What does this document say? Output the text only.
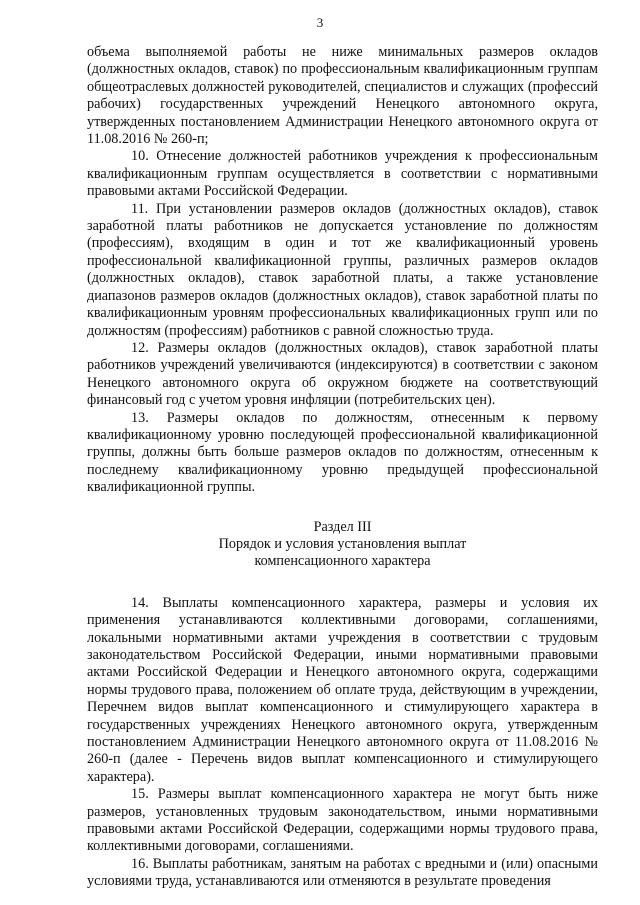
3

объема выполняемой работы не ниже минимальных размеров окладов (должностных окладов, ставок) по профессиональным квалификационным группам общеотраслевых должностей руководителей, специалистов и служащих (профессий рабочих) государственных учреждений Ненецкого автономного округа, утвержденных постановлением Администрации Ненецкого автономного округа от 11.08.2016 № 260-п;

10. Отнесение должностей работников учреждения к профессиональным квалификационным группам осуществляется в соответствии с нормативными правовыми актами Российской Федерации.

11. При установлении размеров окладов (должностных окладов), ставок заработной платы работников не допускается установление по должностям (профессиям), входящим в один и тот же квалификационный уровень профессиональной квалификационной группы, различных размеров окладов (должностных окладов), ставок заработной платы, а также установление диапазонов размеров окладов (должностных окладов), ставок заработной платы по квалификационным уровням профессиональных квалификационных групп или по должностям (профессиям) работников с равной сложностью труда.

12. Размеры окладов (должностных окладов), ставок заработной платы работников учреждений увеличиваются (индексируются) в соответствии с законом Ненецкого автономного округа об окружном бюджете на соответствующий финансовый год с учетом уровня инфляции (потребительских цен).

13. Размеры окладов по должностям, отнесенным к первому квалификационному уровню последующей профессиональной квалификационной группы, должны быть больше размеров окладов по должностям, отнесенным к последнему квалификационному уровню предыдущей профессиональной квалификационной группы.

Раздел III
Порядок и условия установления выплат
компенсационного характера

14. Выплаты компенсационного характера, размеры и условия их применения устанавливаются коллективными договорами, соглашениями, локальными нормативными актами учреждения в соответствии с трудовым законодательством Российской Федерации, иными нормативными правовыми актами Российской Федерации и Ненецкого автономного округа, содержащими нормы трудового права, положением об оплате труда, действующим в учреждении, Перечнем видов выплат компенсационного и стимулирующего характера в государственных учреждениях Ненецкого автономного округа, утвержденным постановлением Администрации Ненецкого автономного округа от 11.08.2016 № 260-п (далее - Перечень видов выплат компенсационного и стимулирующего характера).

15. Размеры выплат компенсационного характера не могут быть ниже размеров, установленных трудовым законодательством, иными нормативными правовыми актами Российской Федерации, содержащими нормы трудового права, коллективными договорами, соглашениями.

16. Выплаты работникам, занятым на работах с вредными и (или) опасными условиями труда, устанавливаются или отменяются в результате проведения
